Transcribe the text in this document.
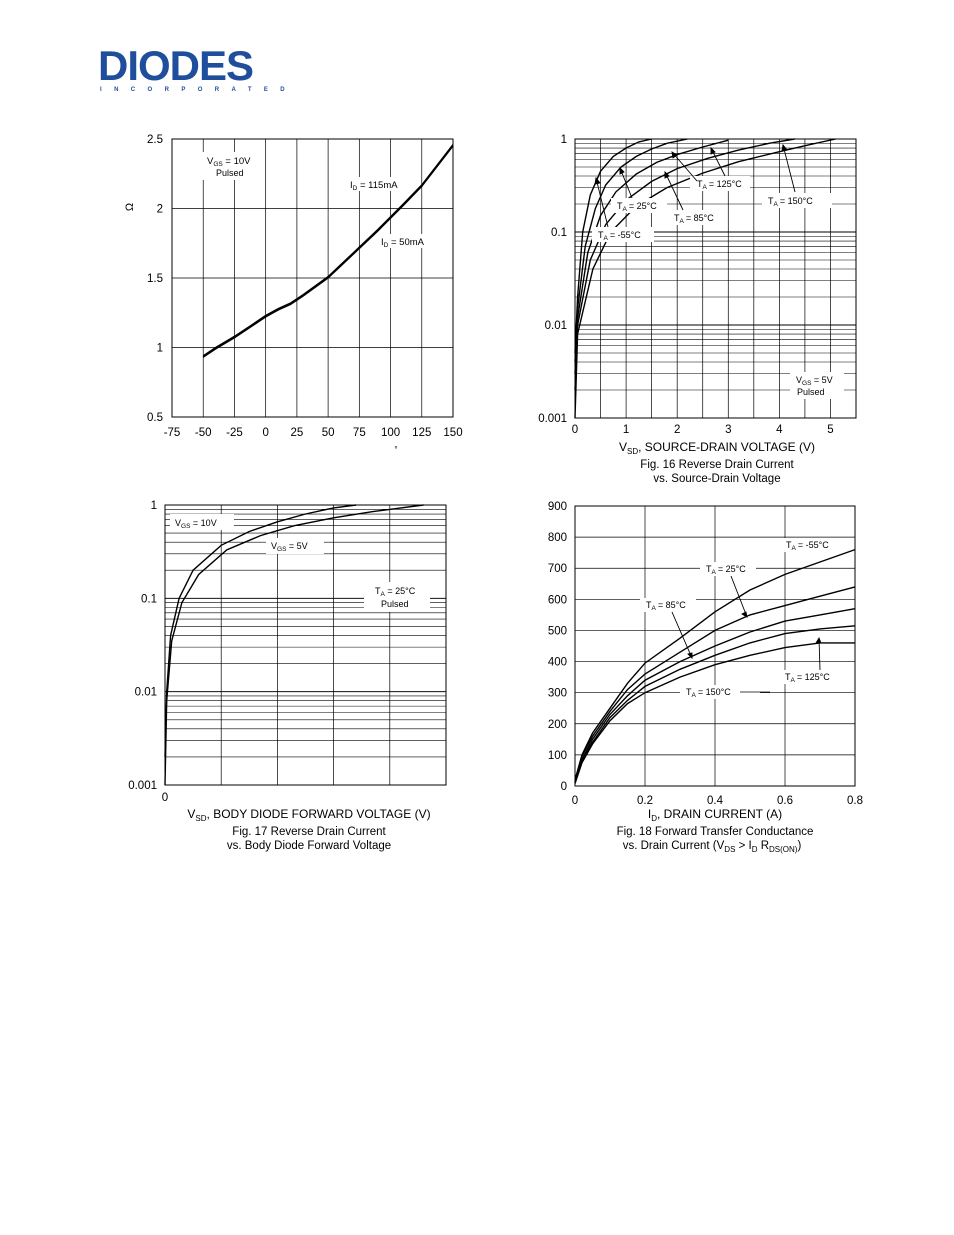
DIODES
INCORPORATED
-75 -50 -25 0 25 50 75 100 125 150
0.5
1
1.5
2
2.5
Ω
°
$V_{GS} = 10V$
Pulsed
$I_D = 115mA$
$I_D = 50mA$
0	1	2	3	4	5
0.001
0.01
0.1
1
$T_A = 125^\circ C$
$T_A = 150^\circ C$
$T_A = 25^\circ C$
$T_A = 85^\circ C$
$T_A = -55^\circ C$
$V_{GS} = 5V$
Pulsed
$V_{SD}$, SOURCE-DRAIN VOLTAGE (V)
Fig. 16 Reverse Drain Current
vs. Source-Drain Voltage
0
0.001
0.01
0.1
1
$V_{GS} = 10V$
$V_{GS} = 5V$
$T_A = 25^\circ C$
Pulsed
$V_{SD}$, BODY DIODE FORWARD VOLTAGE (V)
Fig. 17 Reverse Drain Current
vs. Body Diode Forward Voltage
0	0.2	0.4	0.6	0.8
0
100
200
300
400
500
600
700
800
900
$T_A = -55^\circ C$
$T_A = 25^\circ C$
$T_A = 85^\circ C$
$T_A = 125^\circ C$
$T_A = 150^\circ C$
$I_D$, DRAIN CURRENT (A)
Fig. 18 Forward Transfer Conductance
vs. Drain Current ($V_{DS} > I_D$ $R_{DS(ON)}$)
